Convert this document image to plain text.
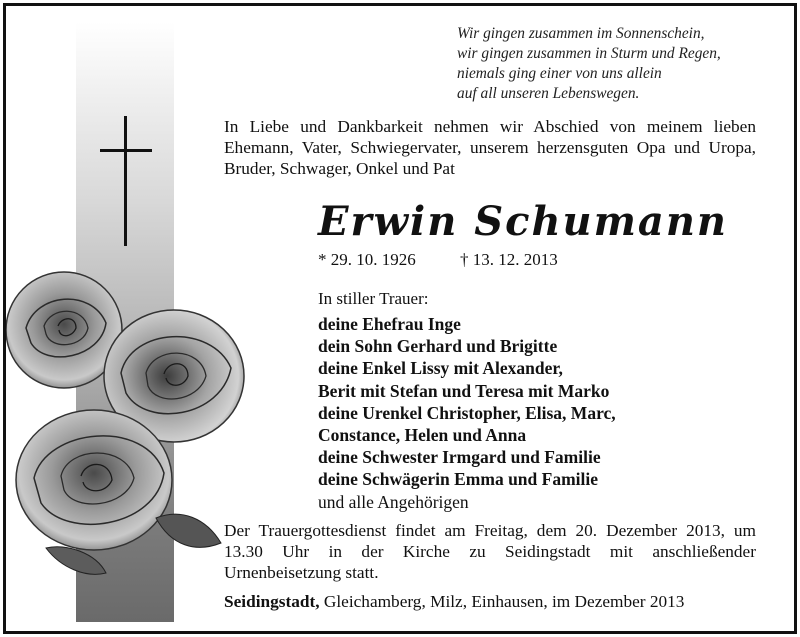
Wir gingen zusammen im Sonnenschein,
wir gingen zusammen in Sturm und Regen,
niemals ging einer von uns allein
auf all unseren Lebenswegen.
In Liebe und Dankbarkeit nehmen wir Abschied von meinem lieben Ehemann, Vater, Schwiegervater, unserem herzensguten Opa und Uropa, Bruder, Schwager, Onkel und Pat
Erwin Schumann
* 29. 10. 1926	† 13. 12. 2013
In stiller Trauer:
deine Ehefrau Inge
dein Sohn Gerhard und Brigitte
deine Enkel Lissy mit Alexander,
Berit mit Stefan und Teresa mit Marko
deine Urenkel Christopher, Elisa, Marc,
Constance, Helen und Anna
deine Schwester Irmgard und Familie
deine Schwägerin Emma und Familie
und alle Angehörigen
Der Trauergottesdienst findet am Freitag, dem 20. Dezember 2013, um 13.30 Uhr in der Kirche zu Seidingstadt mit anschließender Urnenbeisetzung statt.
Seidingstadt, Gleichamberg, Milz, Einhausen, im Dezember 2013
